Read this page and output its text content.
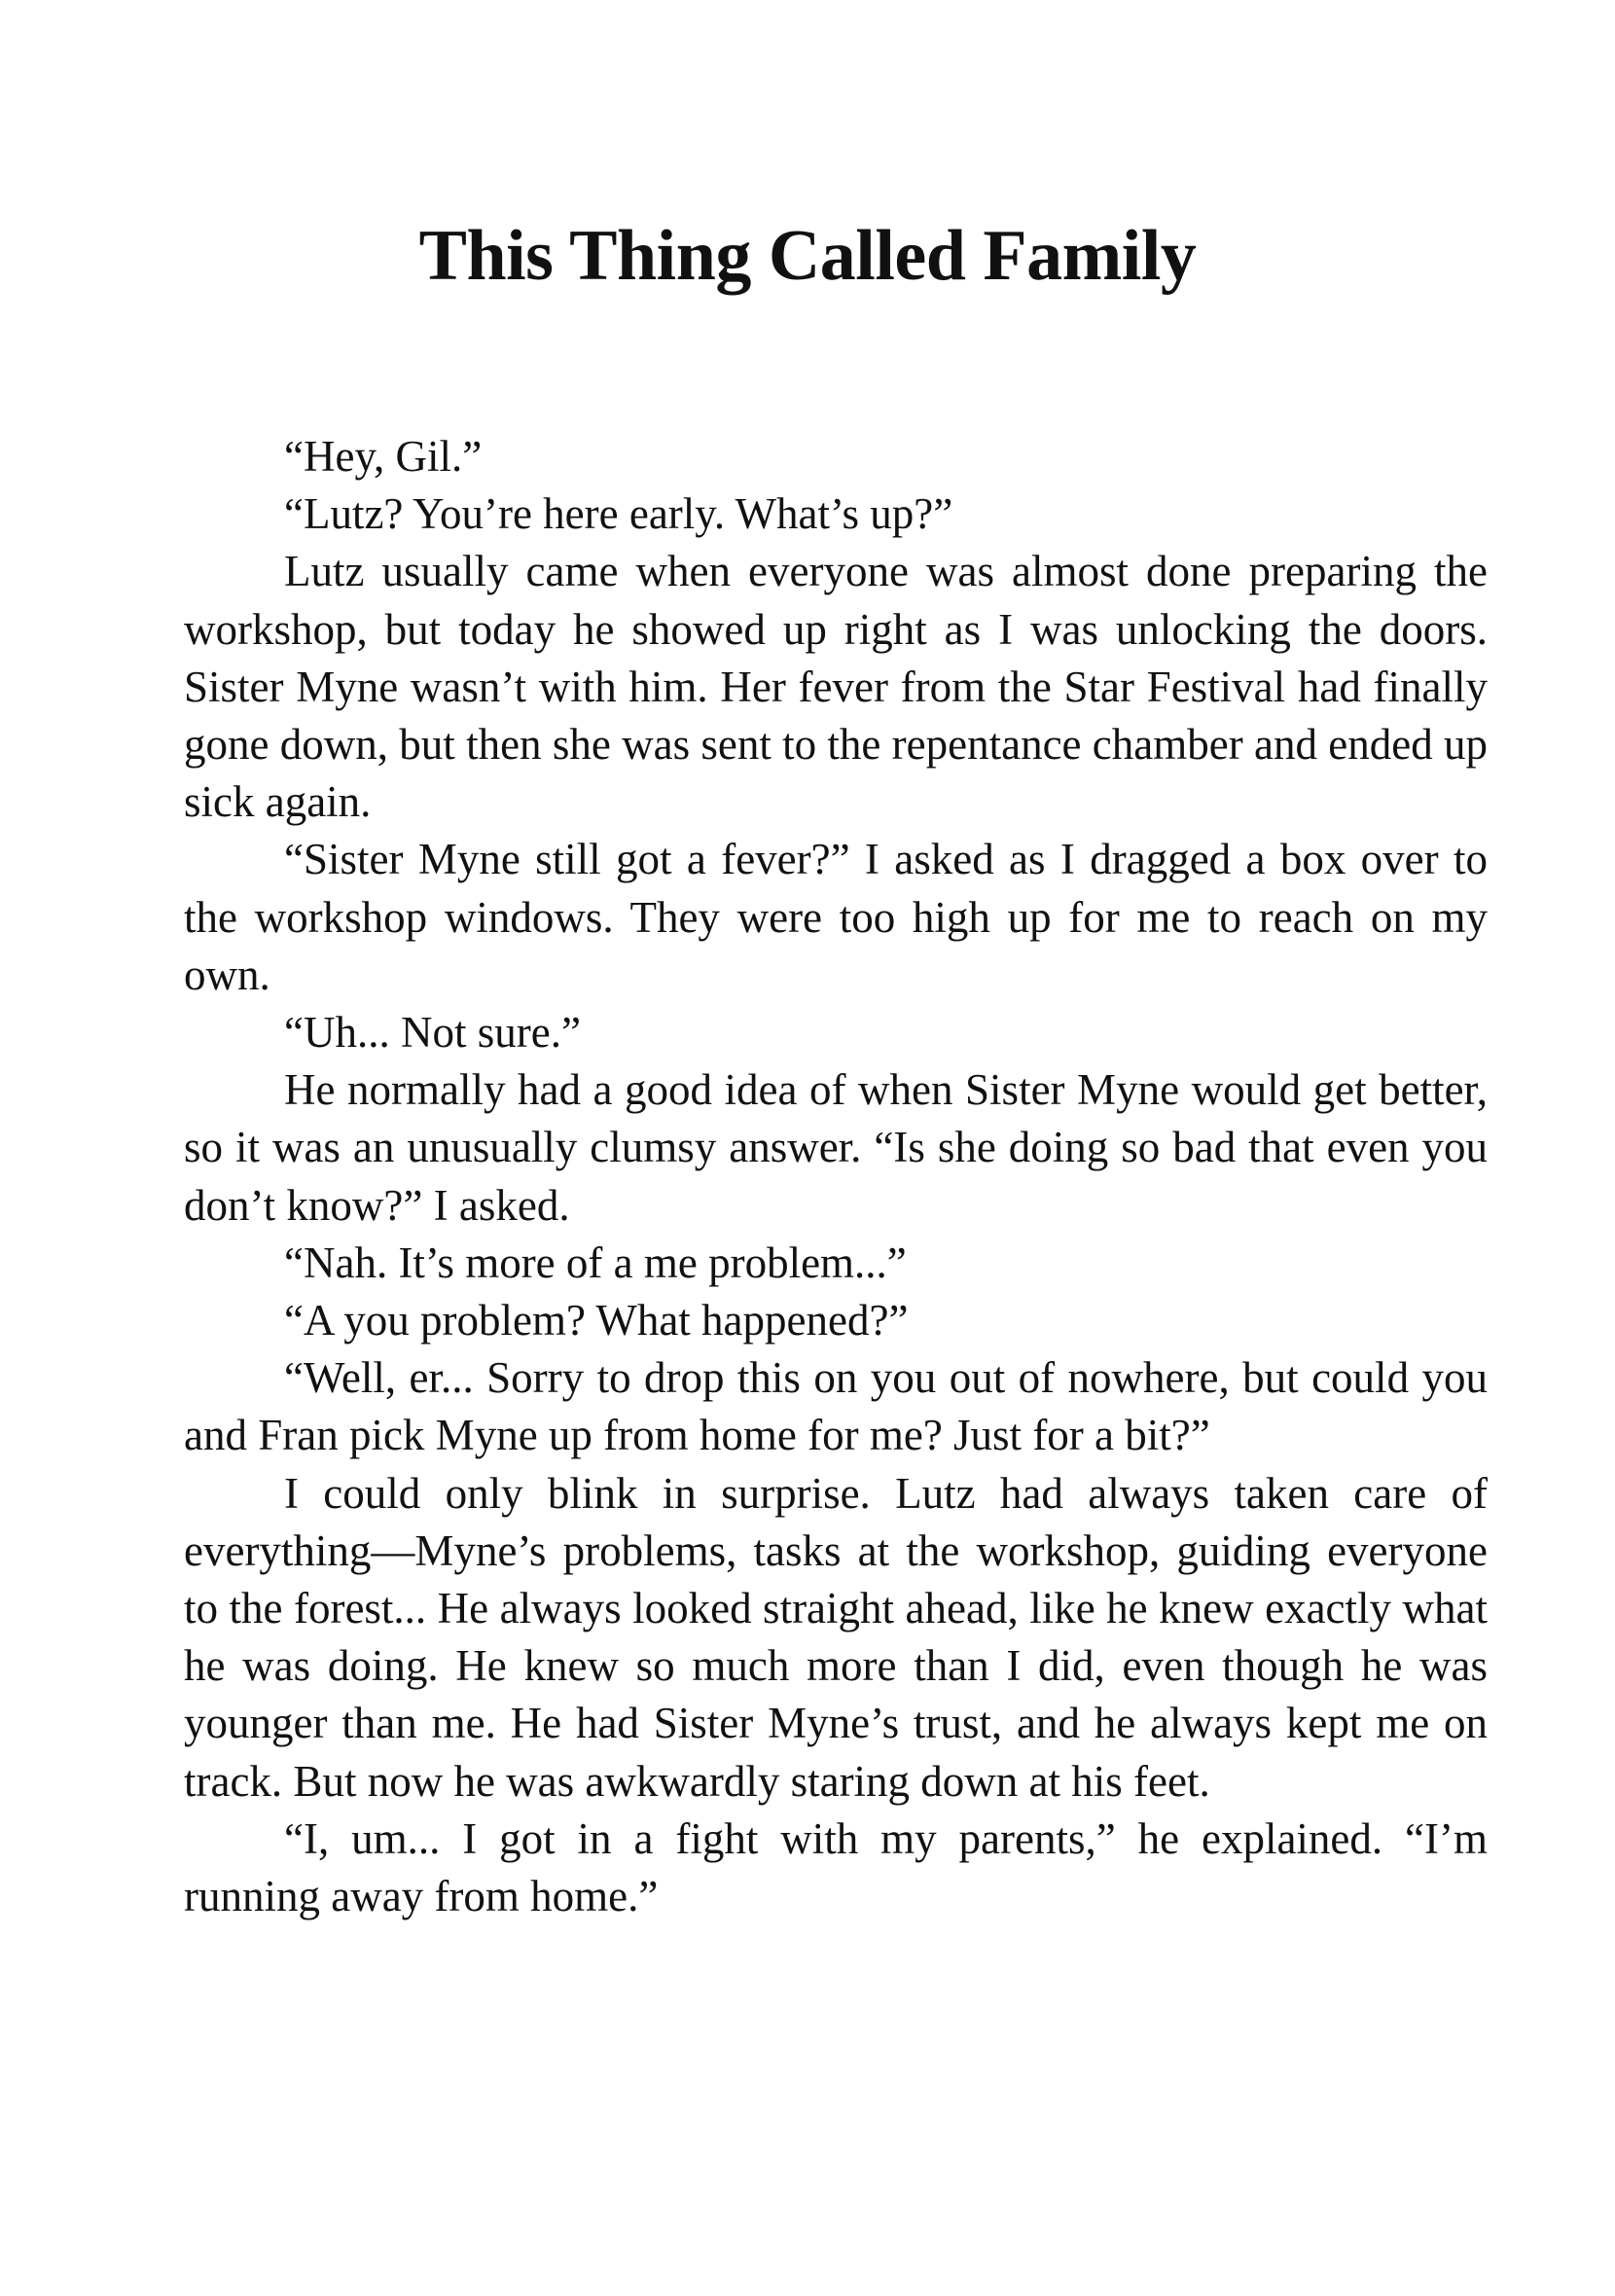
This Thing Called Family

“Hey, Gil.”

“Lutz? You’re here early. What’s up?”

Lutz usually came when everyone was almost done preparing the workshop, but today he showed up right as I was unlocking the doors. Sister Myne wasn’t with him. Her fever from the Star Festival had finally gone down, but then she was sent to the repentance chamber and ended up sick again.

“Sister Myne still got a fever?” I asked as I dragged a box over to the workshop windows. They were too high up for me to reach on my own.

“Uh... Not sure.”

He normally had a good idea of when Sister Myne would get better, so it was an unusually clumsy answer. “Is she doing so bad that even you don’t know?” I asked.

“Nah. It’s more of a me problem...”

“A you problem? What happened?”

“Well, er... Sorry to drop this on you out of nowhere, but could you and Fran pick Myne up from home for me? Just for a bit?”

I could only blink in surprise. Lutz had always taken care of everything—Myne’s problems, tasks at the workshop, guiding everyone to the forest... He always looked straight ahead, like he knew exactly what he was doing. He knew so much more than I did, even though he was younger than me. He had Sister Myne’s trust, and he always kept me on track. But now he was awkwardly staring down at his feet.

“I, um... I got in a fight with my parents,” he explained. “I’m running away from home.”
